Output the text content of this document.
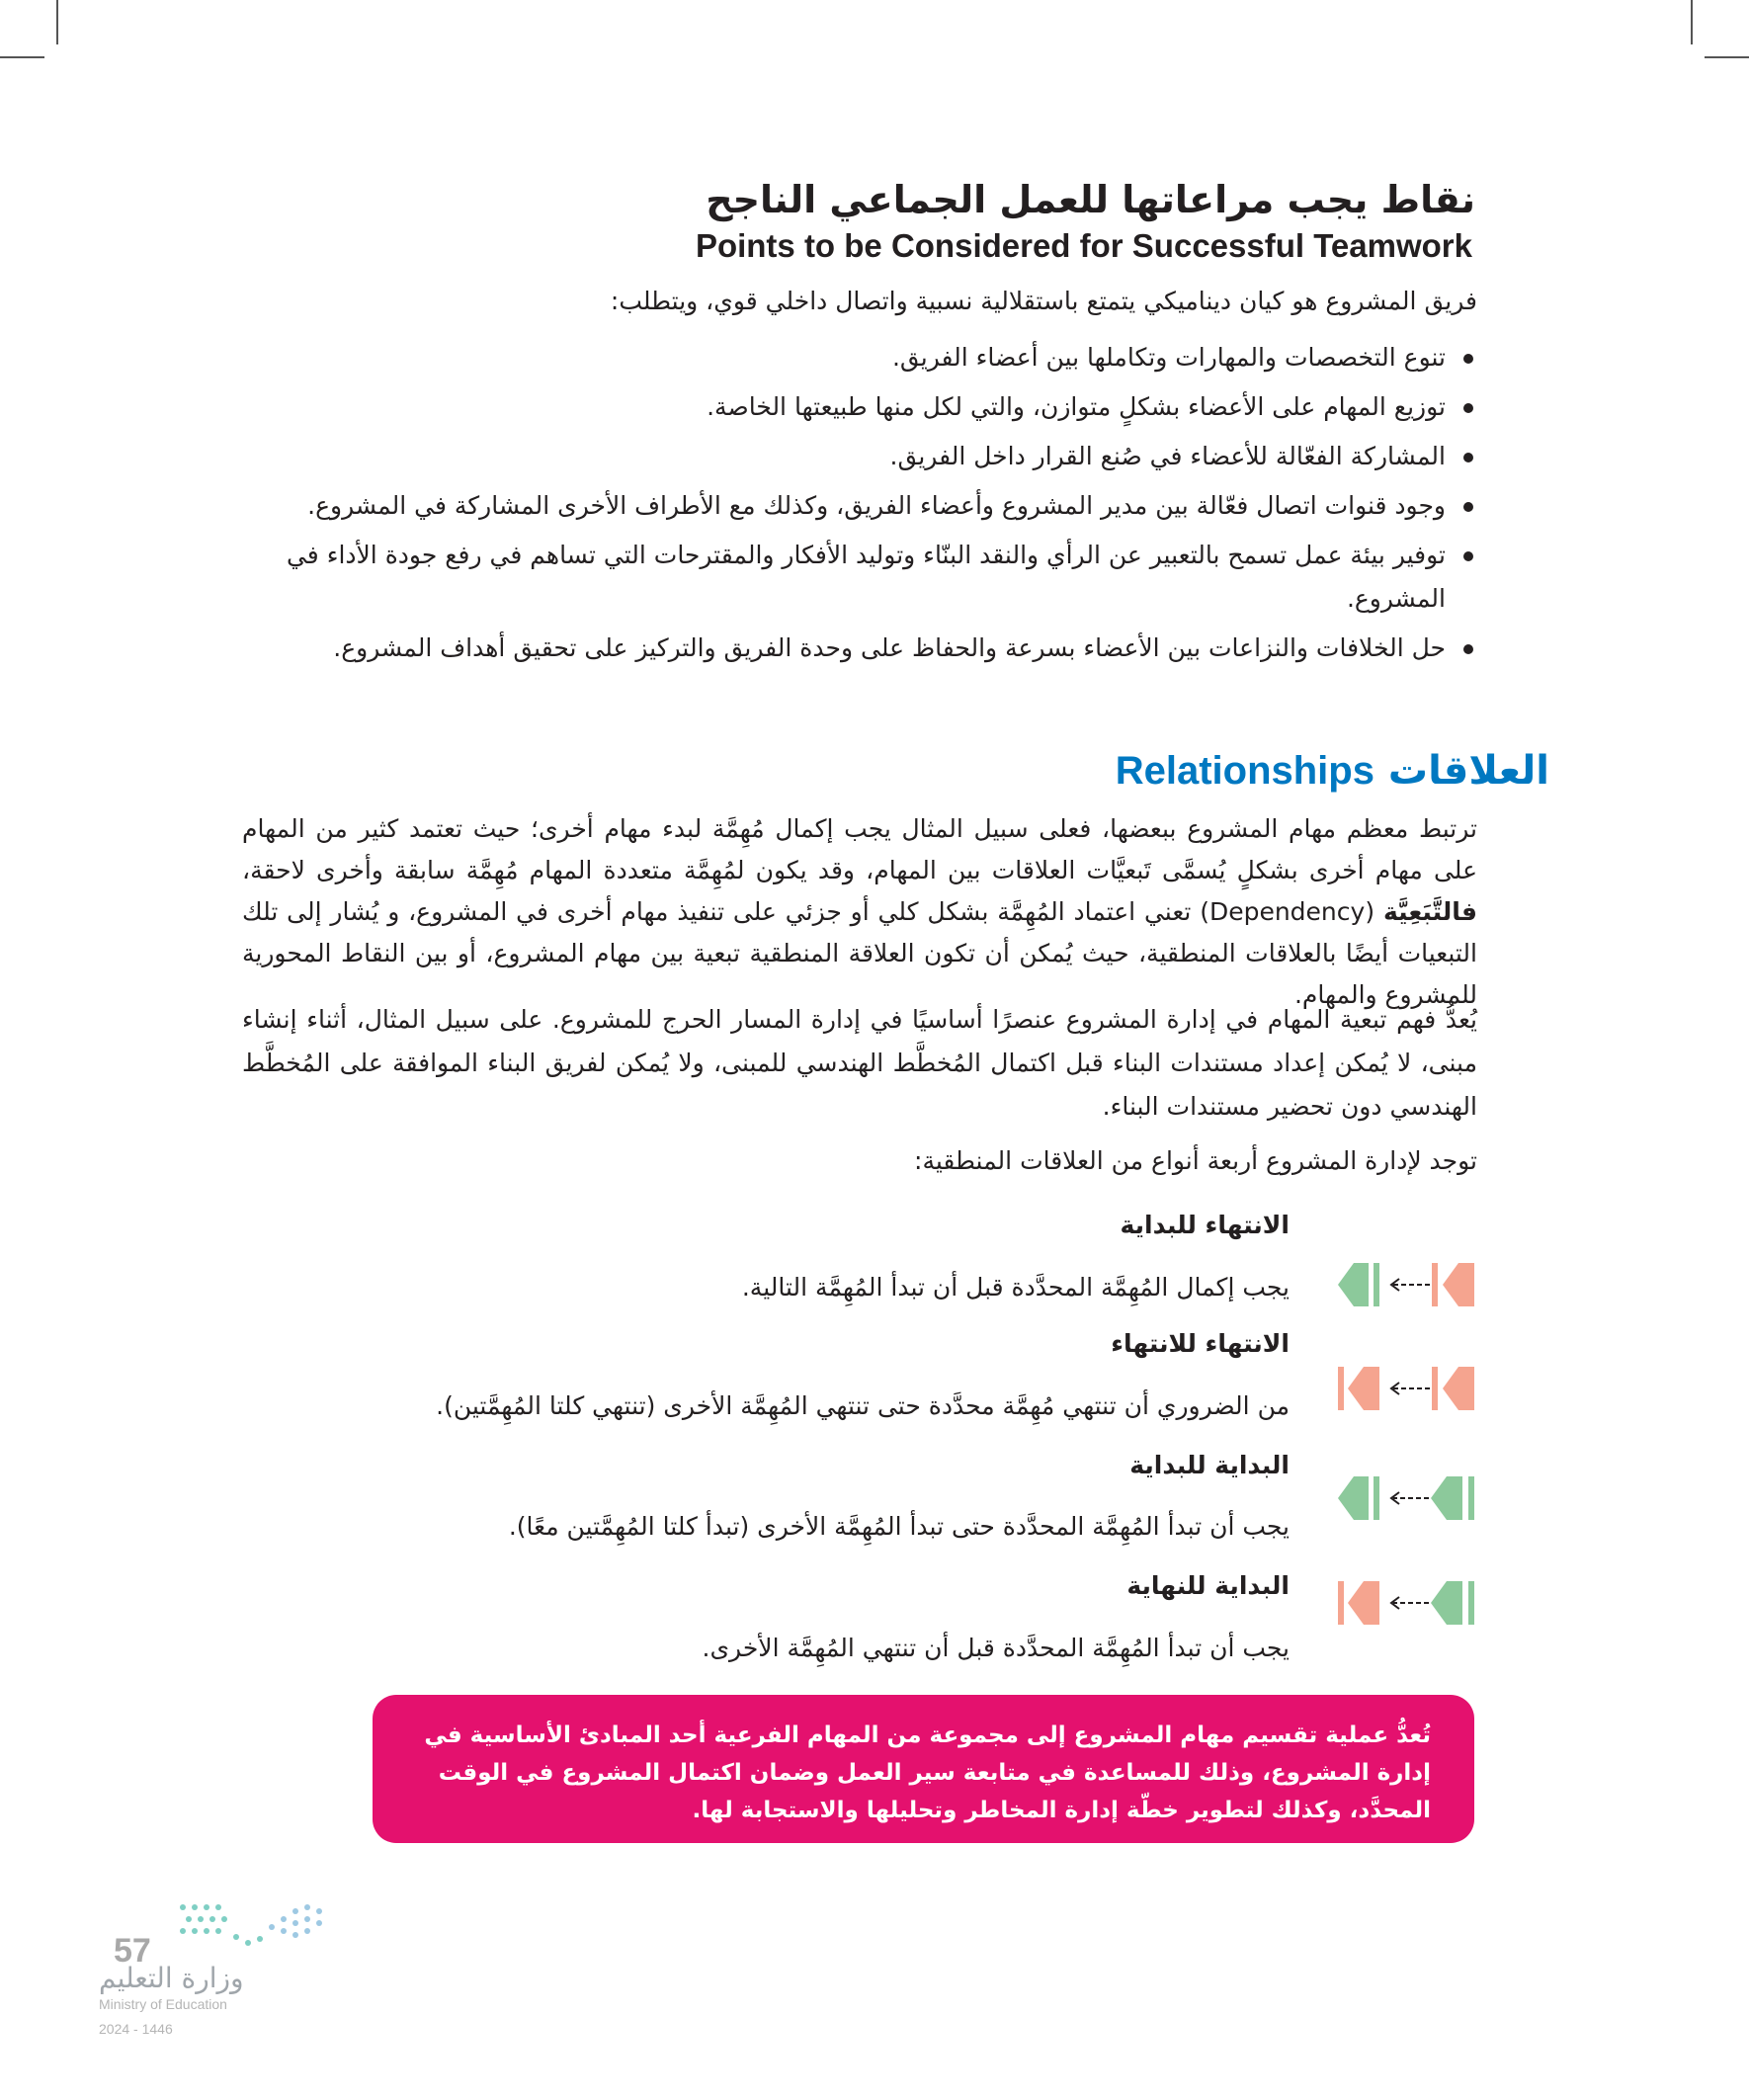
نقاط يجب مراعاتها للعمل الجماعي الناجح
Points to be Considered for Successful Teamwork

فريق المشروع هو كيان ديناميكي يتمتع باستقلالية نسبية واتصال داخلي قوي، ويتطلب:

تنوع التخصصات والمهارات وتكاملها بين أعضاء الفريق.
توزيع المهام على الأعضاء بشكلٍ متوازن، والتي لكل منها طبيعتها الخاصة.
المشاركة الفعّالة للأعضاء في صُنع القرار داخل الفريق.
وجود قنوات اتصال فعّالة بين مدير المشروع وأعضاء الفريق، وكذلك مع الأطراف الأخرى المشاركة في المشروع.
توفير بيئة عمل تسمح بالتعبير عن الرأي والنقد البنّاء وتوليد الأفكار والمقترحات التي تساهم في رفع جودة الأداء في المشروع.
حل الخلافات والنزاعات بين الأعضاء بسرعة والحفاظ على وحدة الفريق والتركيز على تحقيق أهداف المشروع.
العلاقات Relationships

ترتبط معظم مهام المشروع ببعضها، فعلى سبيل المثال يجب إكمال مُهِمَّة لبدء مهام أخرى؛ حيث تعتمد كثير من المهام على مهام أخرى بشكلٍ يُسمَّى تَبعيَّات العلاقات بين المهام، وقد يكون لمُهِمَّة متعددة المهام مُهِمَّة سابقة وأخرى لاحقة، فالتَّبَعِيَّة (Dependency) تعني اعتماد المُهِمَّة بشكل كلي أو جزئي على تنفيذ مهام أخرى في المشروع، و يُشار إلى تلك التبعيات أيضًا بالعلاقات المنطقية، حيث يُمكن أن تكون العلاقة المنطقية تبعية بين مهام المشروع، أو بين النقاط المحورية للمشروع والمهام.

يُعدُّ فهم تبعية المهام في إدارة المشروع عنصرًا أساسيًا في إدارة المسار الحرج للمشروع. على سبيل المثال، أثناء إنشاء مبنى، لا يُمكن إعداد مستندات البناء قبل اكتمال المُخطَّط الهندسي للمبنى، ولا يُمكن لفريق البناء الموافقة على المُخطَّط الهندسي دون تحضير مستندات البناء.

توجد لإدارة المشروع أربعة أنواع من العلاقات المنطقية:

الانتهاء للبداية

يجب إكمال المُهِمَّة المحدَّدة قبل أن تبدأ المُهِمَّة التالية.

الانتهاء للانتهاء

من الضروري أن تنتهي مُهِمَّة محدَّدة حتى تنتهي المُهِمَّة الأخرى (تنتهي كلتا المُهِمَّتين).

البداية للبداية

يجب أن تبدأ المُهِمَّة المحدَّدة حتى تبدأ المُهِمَّة الأخرى (تبدأ كلتا المُهِمَّتين معًا).

البداية للنهاية

يجب أن تبدأ المُهِمَّة المحدَّدة قبل أن تنتهي المُهِمَّة الأخرى.

تُعدُّ عملية تقسيم مهام المشروع إلى مجموعة من المهام الفرعية أحد المبادئ الأساسية في إدارة المشروع، وذلك للمساعدة في متابعة سير العمل وضمان اكتمال المشروع في الوقت المحدَّد، وكذلك لتطوير خطّة إدارة المخاطر وتحليلها والاستجابة لها.

57

وزارة التعليم

Ministry of Education

2024 - 1446
